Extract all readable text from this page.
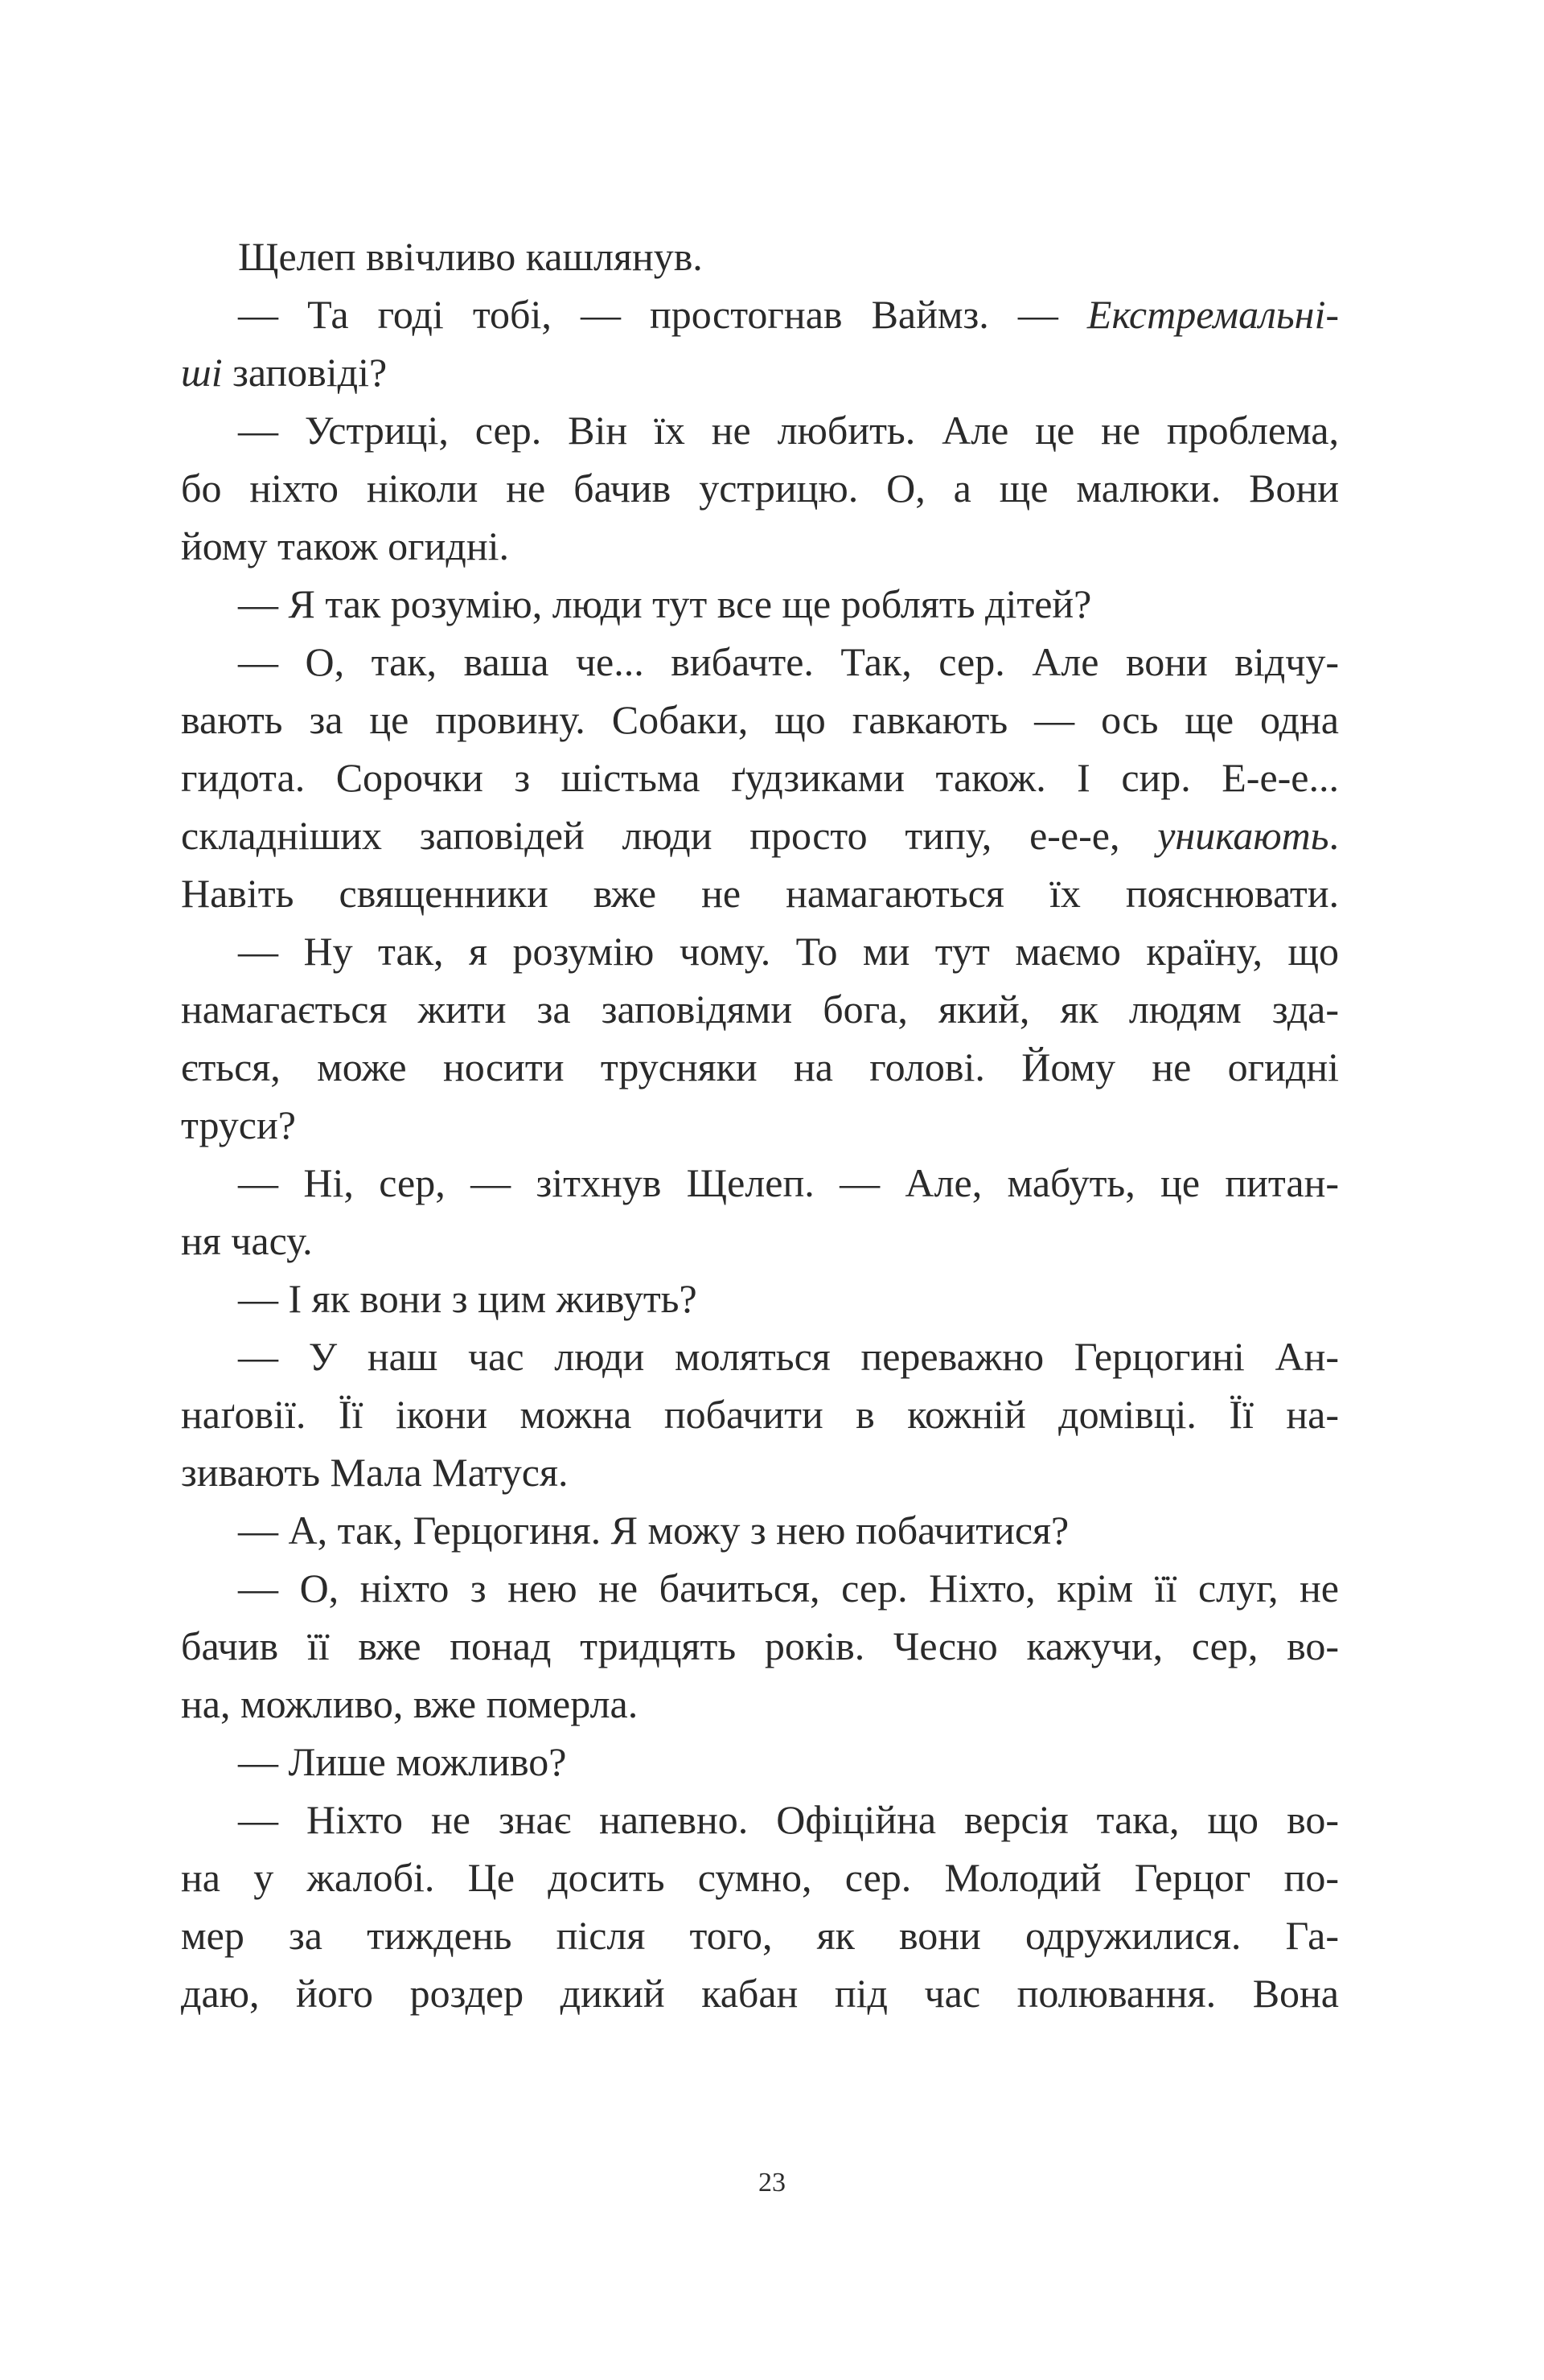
Щелеп ввічливо кашлянув.
— Та годі тобі, — простогнав Ваймз. — Екстремальні-
ші заповіді?
— Устриці, сер. Він їх не любить. Але це не проблема,
бо ніхто ніколи не бачив устрицю. О, а ще малюки. Вони
йому також огидні.
— Я так розумію, люди тут все ще роблять дітей?
— О, так, ваша че... вибачте. Так, сер. Але вони відчу-
вають за це провину. Собаки, що гавкають — ось ще одна
гидота. Сорочки з шістьма ґудзиками також. І сир. Е-е-е...
складніших заповідей люди просто типу, е-е-е, уникають.
Навіть священники вже не намагаються їх пояснювати.
— Ну так, я розумію чому. То ми тут маємо країну, що
намагається жити за заповідями бога, який, як людям зда-
ється, може носити трусняки на голові. Йому не огидні
труси?
— Ні, сер, — зітхнув Щелеп. — Але, мабуть, це питан-
ня часу.
— І як вони з цим живуть?
— У наш час люди моляться переважно Герцогині Ан-
наґовії. Її ікони можна побачити в кожній домівці. Її на-
зивають Мала Матуся.
— А, так, Герцогиня. Я можу з нею побачитися?
— О, ніхто з нею не бачиться, сер. Ніхто, крім її слуг, не
бачив її вже понад тридцять років. Чесно кажучи, сер, во-
на, можливо, вже померла.
— Лише можливо?
— Ніхто не знає напевно. Офіційна версія така, що во-
на у жалобі. Це досить сумно, сер. Молодий Герцог по-
мер за тиждень після того, як вони одружилися. Га-
даю, його роздер дикий кабан під час полювання. Вона
23
